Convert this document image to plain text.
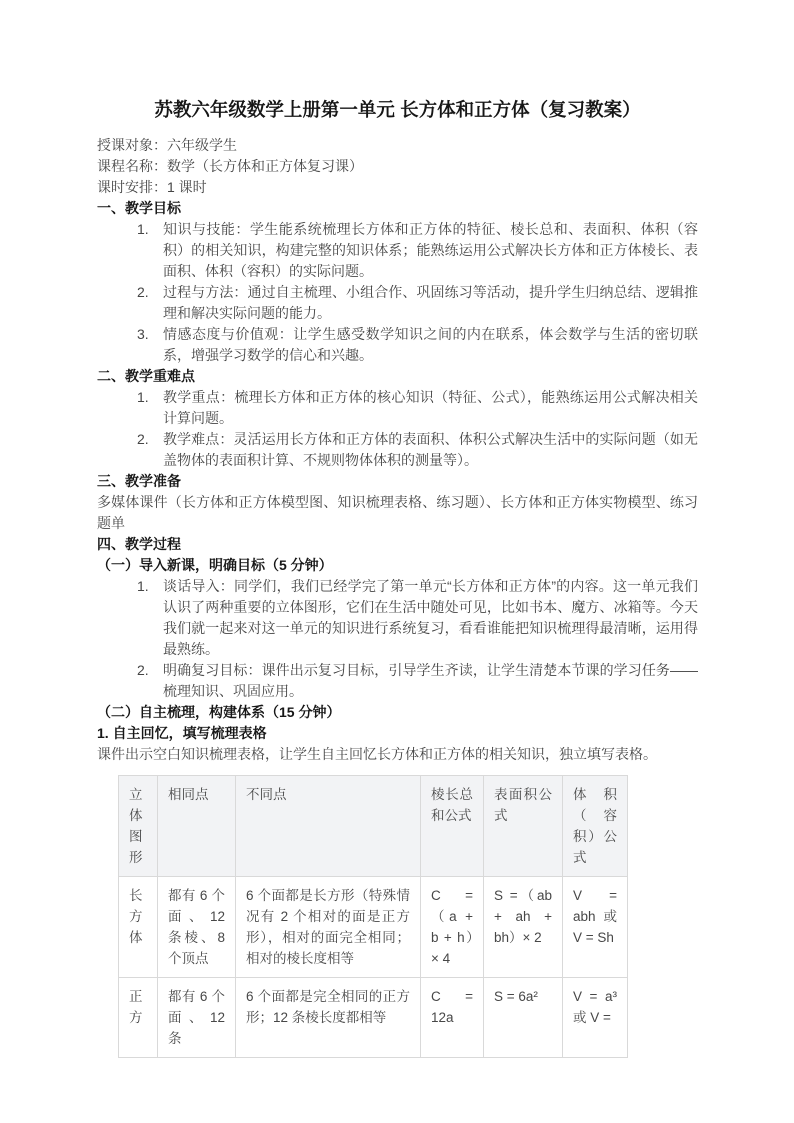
苏教六年级数学上册第一单元 长方体和正方体（复习教案）

授课对象：六年级学生

课程名称：数学（长方体和正方体复习课）

课时安排：1 课时

一、教学目标
1.	知识与技能：学生能系统梳理长方体和正方体的特征、棱长总和、表面积、体积（容积）的相关知识，构建完整的知识体系；能熟练运用公式解决长方体和正方体棱长、表面积、体积（容积）的实际问题。
2.	过程与方法：通过自主梳理、小组合作、巩固练习等活动，提升学生归纳总结、逻辑推理和解决实际问题的能力。
3.	情感态度与价值观：让学生感受数学知识之间的内在联系，体会数学与生活的密切联系，增强学习数学的信心和兴趣。
二、教学重难点
1.	教学重点：梳理长方体和正方体的核心知识（特征、公式），能熟练运用公式解决相关计算问题。
2.	教学难点：灵活运用长方体和正方体的表面积、体积公式解决生活中的实际问题（如无盖物体的表面积计算、不规则物体体积的测量等）。
三、教学准备

多媒体课件（长方体和正方体模型图、知识梳理表格、练习题）、长方体和正方体实物模型、练习题单

四、教学过程
（一）导入新课，明确目标（5 分钟）
1.	谈话导入：同学们，我们已经学完了第一单元“长方体和正方体”的内容。这一单元我们认识了两种重要的立体图形，它们在生活中随处可见，比如书本、魔方、冰箱等。今天我们就一起来对这一单元的知识进行系统复习，看看谁能把知识梳理得最清晰，运用得最熟练。
2.	明确复习目标：课件出示复习目标，引导学生齐读，让学生清楚本节课的学习任务——梳理知识、巩固应用。
（二）自主梳理，构建体系（15 分钟）
1. 自主回忆，填写梳理表格

课件出示空白知识梳理表格，让学生自主回忆长方体和正方体的相关知识，独立填写表格。

立体图形	相同点	不同点	棱长总和公式	表面积公式	体积（容积）公式
长方体	都有 6 个面、12 条棱、8 个顶点	6 个面都是长方形（特殊情况有 2 个相对的面是正方形），相对的面完全相同；相对的棱长度相等	C =（a + b + h）× 4	S =（ab + ah + bh）× 2	V = abh 或 V = Sh
正方	都有 6 个面、12 条	6 个面都是完全相同的正方形；12 条棱长度都相等	C = 12a	S = 6a²	V = a³ 或 V =
